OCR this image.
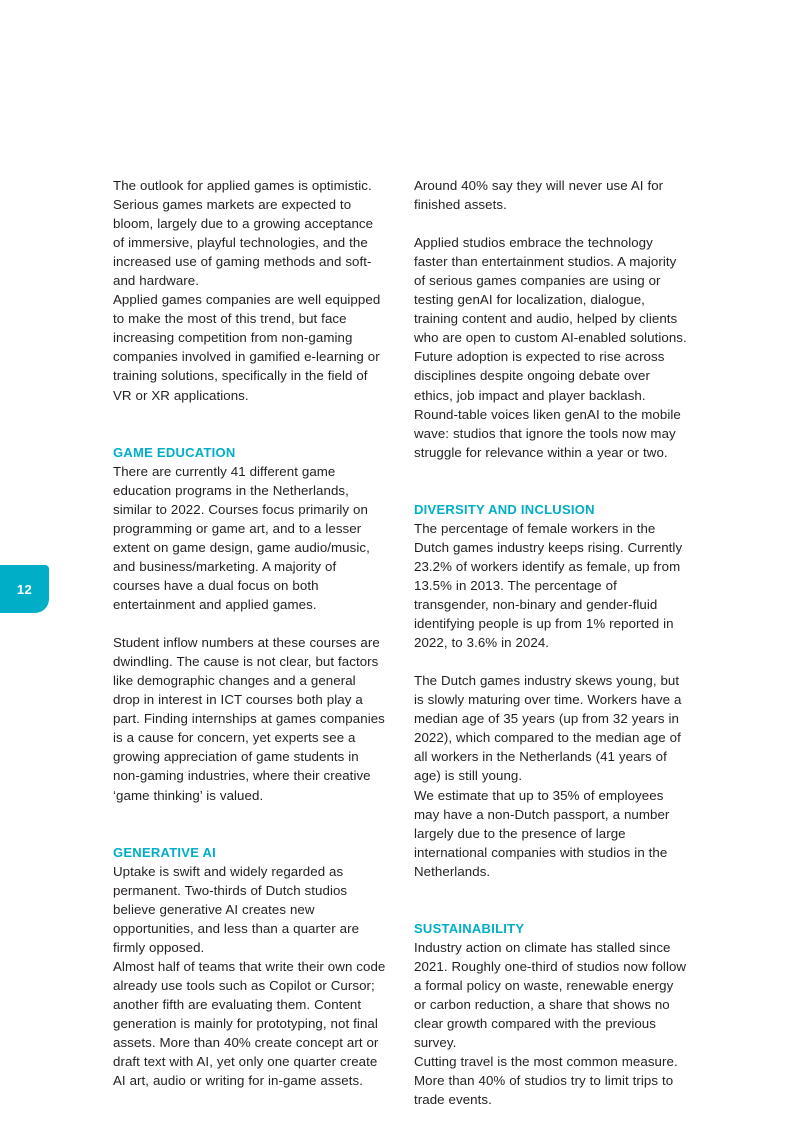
12

The outlook for applied games is optimistic. Serious games markets are expected to bloom, largely due to a growing acceptance of immersive, playful technologies, and the increased use of gaming methods and soft- and hardware.

Applied games companies are well equipped to make the most of this trend, but face increasing competition from non-gaming companies involved in gamified e-learning or training solutions, specifically in the field of VR or XR applications.

GAME EDUCATION

There are currently 41 different game education programs in the Netherlands, similar to 2022. Courses focus primarily on programming or game art, and to a lesser extent on game design, game audio/music, and business/marketing. A majority of courses have a dual focus on both entertainment and applied games.

Student inflow numbers at these courses are dwindling. The cause is not clear, but factors like demographic changes and a general drop in interest in ICT courses both play a part. Finding internships at games companies is a cause for concern, yet experts see a growing appreciation of game students in non-gaming industries, where their creative ‘game thinking’ is valued.

GENERATIVE AI

Uptake is swift and widely regarded as permanent. Two-thirds of Dutch studios believe generative AI creates new opportunities, and less than a quarter are firmly opposed.

Almost half of teams that write their own code already use tools such as Copilot or Cursor; another fifth are evaluating them. Content generation is mainly for prototyping, not final assets. More than 40% create concept art or draft text with AI, yet only one quarter create AI art, audio or writing for in-game assets.

Around 40% say they will never use AI for finished assets.

Applied studios embrace the technology faster than entertainment studios. A majority of serious games companies are using or testing genAI for localization, dialogue, training content and audio, helped by clients who are open to custom AI-enabled solutions.

Future adoption is expected to rise across disciplines despite ongoing debate over ethics, job impact and player backlash. Round-table voices liken genAI to the mobile wave: studios that ignore the tools now may struggle for relevance within a year or two.

DIVERSITY AND INCLUSION

The percentage of female workers in the Dutch games industry keeps rising. Currently 23.2% of workers identify as female, up from 13.5% in 2013. The percentage of transgender, non-binary and gender-fluid identifying people is up from 1% reported in 2022, to 3.6% in 2024.

The Dutch games industry skews young, but is slowly maturing over time. Workers have a median age of 35 years (up from 32 years in 2022), which compared to the median age of all workers in the Netherlands (41 years of age) is still young.

We estimate that up to 35% of employees may have a non-Dutch passport, a number largely due to the presence of large international companies with studios in the Netherlands.

SUSTAINABILITY

Industry action on climate has stalled since 2021. Roughly one-third of studios now follow a formal policy on waste, renewable energy or carbon reduction, a share that shows no clear growth compared with the previous survey.

Cutting travel is the most common measure. More than 40% of studios try to limit trips to trade events.
